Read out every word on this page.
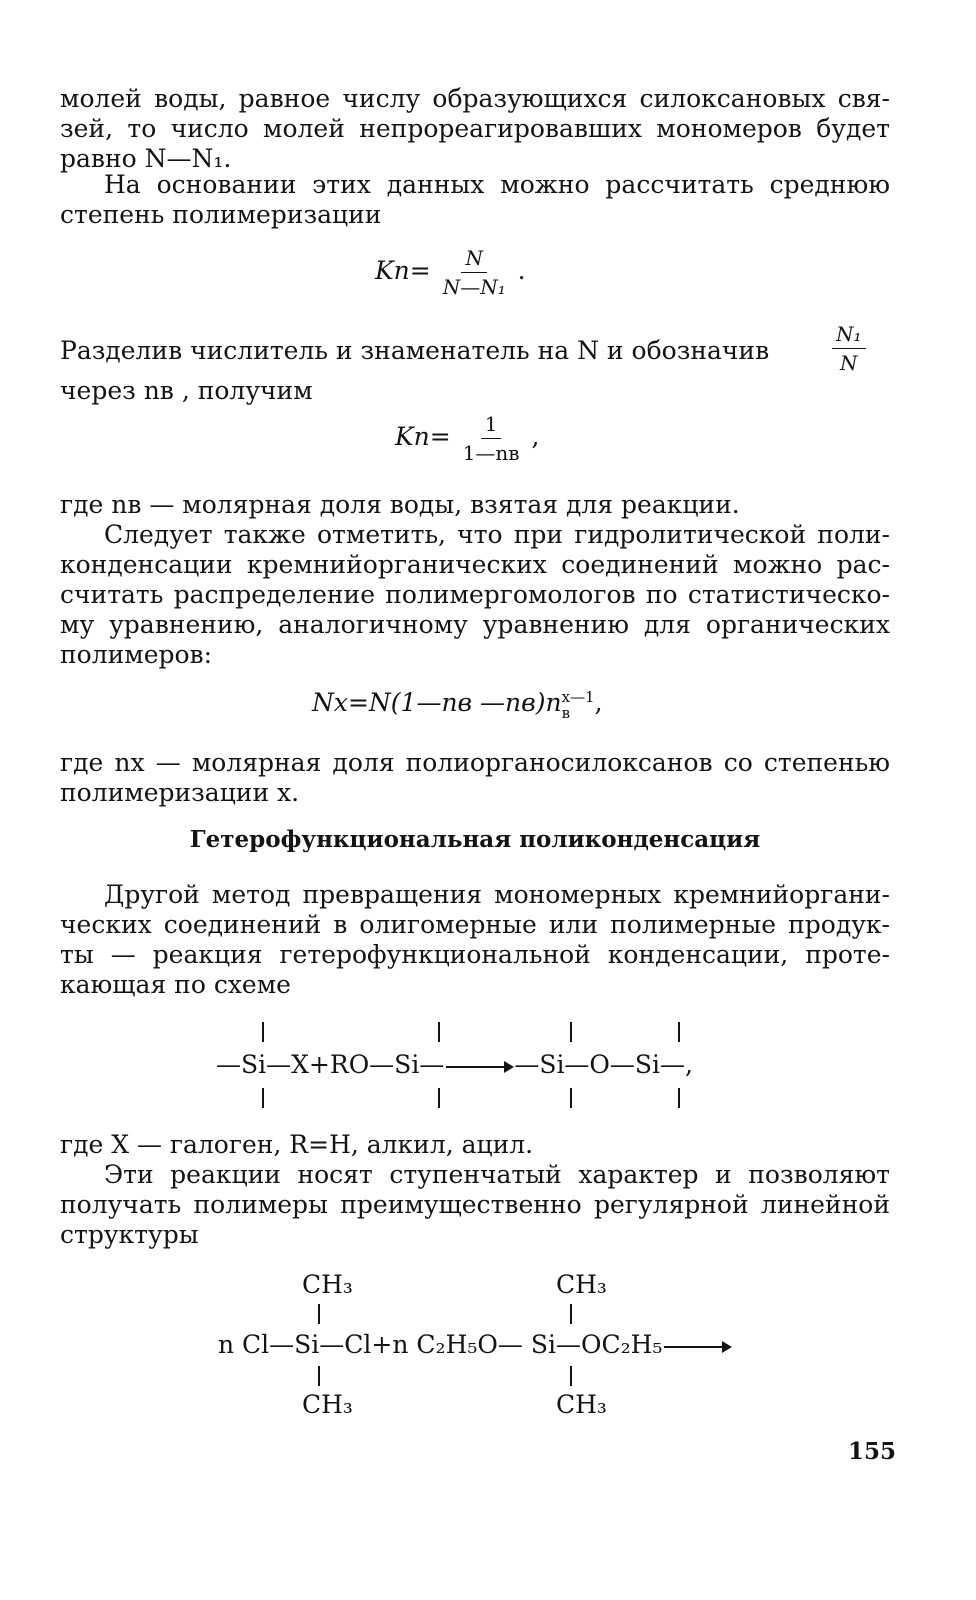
молей воды, равное числу образующихся силоксановых свя-зей, то число молей непрореагировавших мономеров будет равно N—N₁.

На основании этих данных можно рассчитать среднюю степень полимеризации

$Kп= \frac{N}{\text{N—N₁}}$ .
Разделив числитель и знаменатель на N и обозначив	$\frac{\text{N₁}}{N}$
через nв , получим
$Kп= \frac{1}{1—nв}$ ,

где nв — молярная доля воды, взятая для реакции.

Следует также отметить, что при гидролитической поли-конденсации кремнийорганических соединений можно рас-считать распределение полимергомологов по статистическо-му уравнению, аналогичному уравнению для органических полимеров:

Nx=N(1—nв —nв)n x—1
в ,

где nx — молярная доля полиорганосилоксанов со степенью полимеризации x.

Гетерофункциональная поликонденсация

Другой метод превращения мономерных кремнийоргани-ческих соединений в олигомерные или полимерные продук-ты — реакция гетерофункциональной конденсации, проте-кающая по схеме

—Si—X+RO—Si— → —Si—O—Si—,

где X — галоген, R=H, алкил, ацил.

Эти реакции носят ступенчатый характер и позволяют получать полимеры преимущественно регулярной линейной структуры

CH₃	CH₃
n Cl—Si—Cl+n C₂H₅O— Si—OC₂H₅ →
CH₃	CH₃
155
